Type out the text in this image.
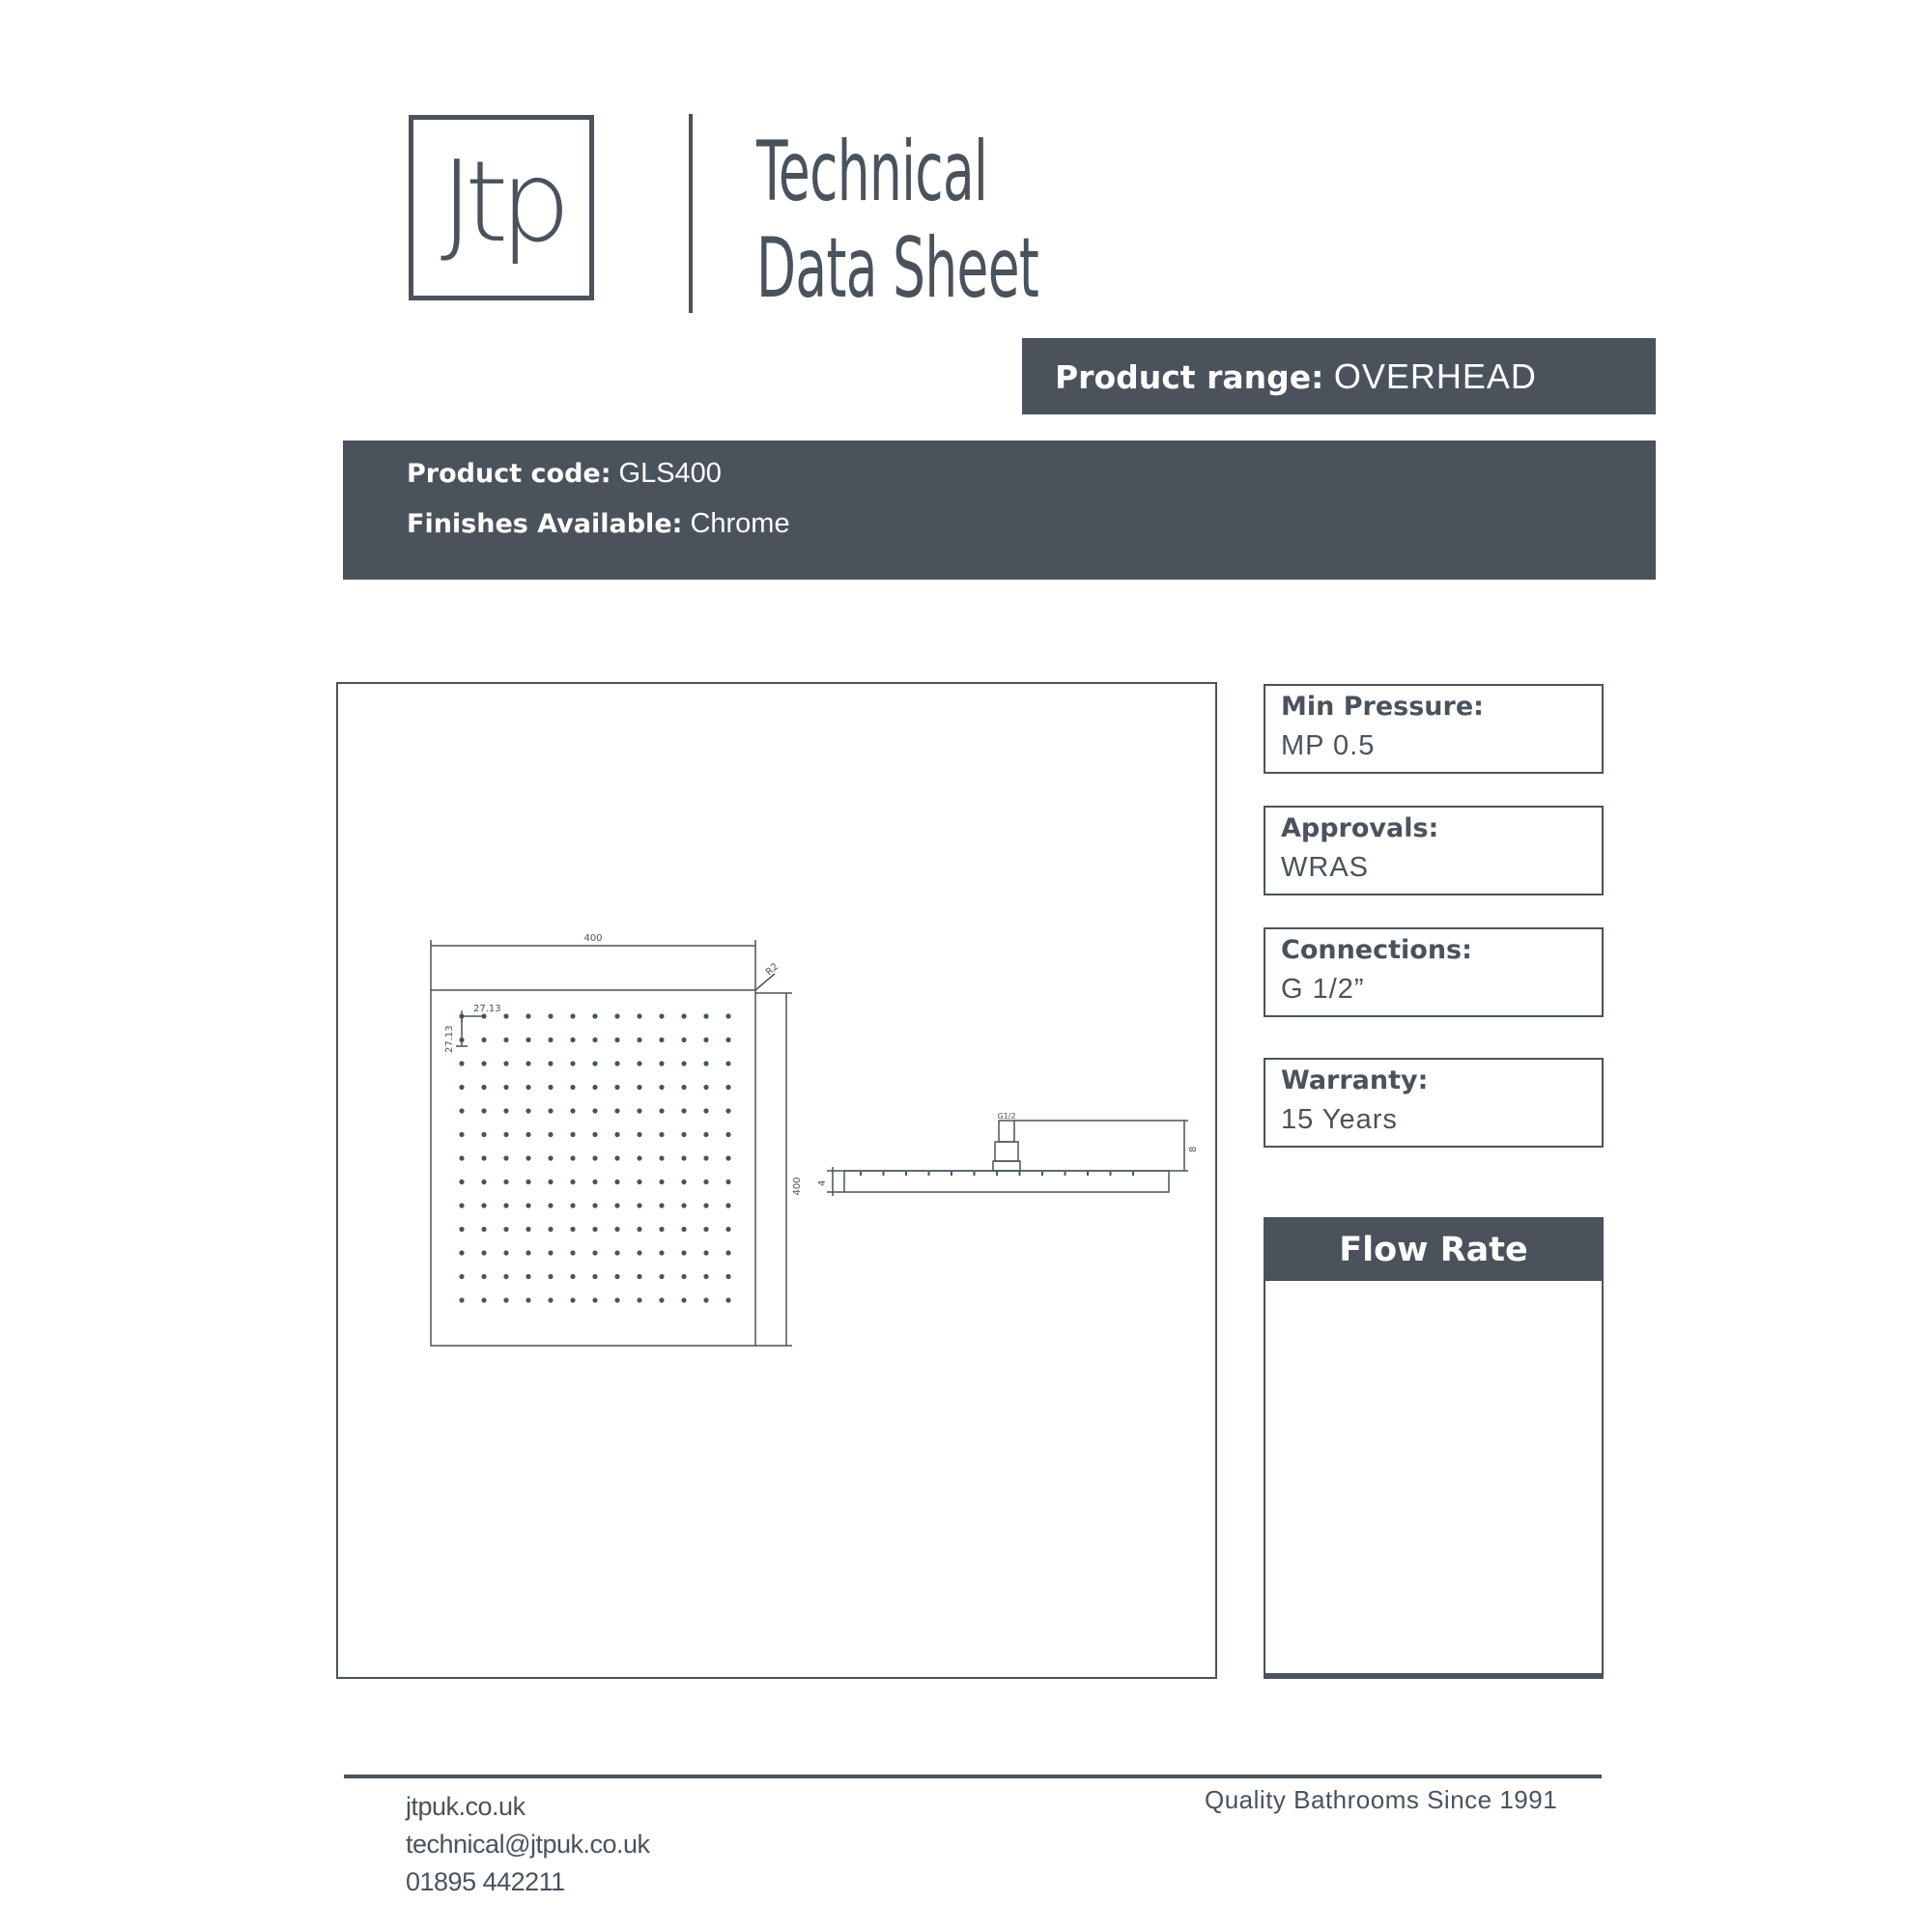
Jtp	Technical
Data Sheet
Product range: OVERHEAD
Product code: GLS400
Finishes Available: Chrome
400
400
R2
27.13
27.13
8
4
G1/2
Min Pressure:
MP 0.5
Approvals:
WRAS
Connections:
G 1/2”
Warranty:
15 Years
Flow Rate
jtpuk.co.uk
technical@jtpuk.co.uk
01895 442211
Quality Bathrooms Since 1991
